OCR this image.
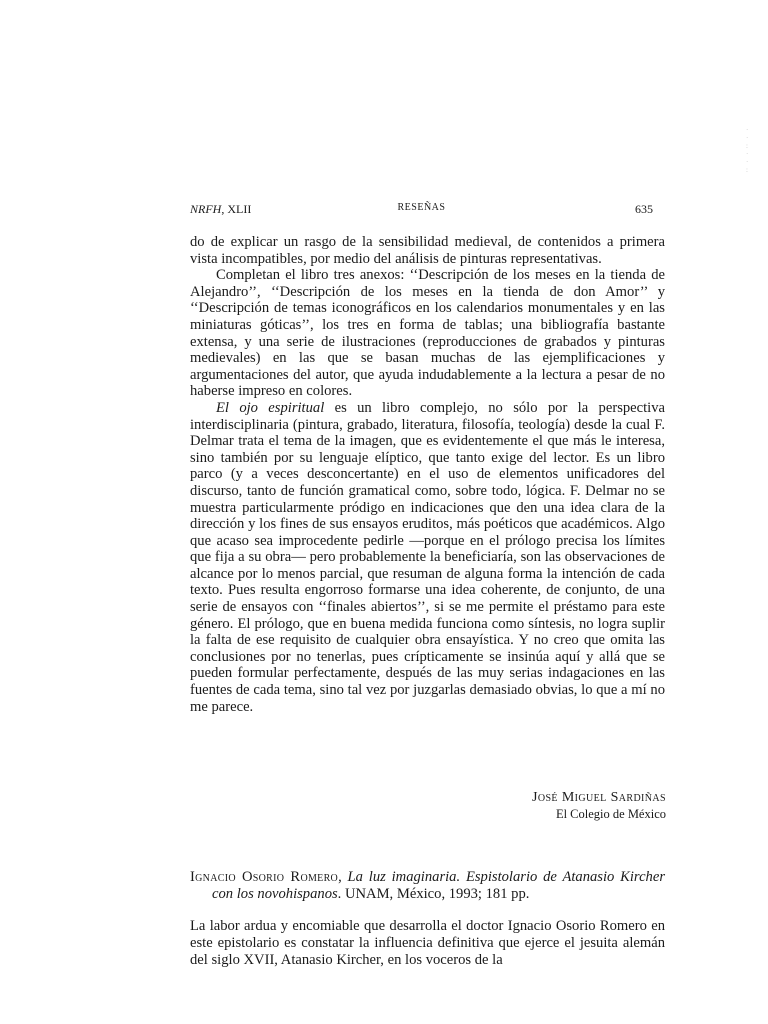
·
·
:
·
·
:
NRFH, XLII	RESEÑAS	635

do de explicar un rasgo de la sensibilidad medieval, de contenidos a primera vista incompatibles, por medio del análisis de pinturas representativas.

Completan el libro tres anexos: ‘‘Descripción de los meses en la tienda de Alejandro’’, ‘‘Descripción de los meses en la tienda de don Amor’’ y ‘‘Descripción de temas iconográficos en los calendarios monumentales y en las miniaturas góticas’’, los tres en forma de tablas; una bibliografía bastante extensa, y una serie de ilustraciones (reproducciones de grabados y pinturas medievales) en las que se basan muchas de las ejemplificaciones y argumentaciones del autor, que ayuda indudablemente a la lectura a pesar de no haberse impreso en colores.

El ojo espiritual es un libro complejo, no sólo por la perspectiva interdisciplinaria (pintura, grabado, literatura, filosofía, teología) desde la cual F. Delmar trata el tema de la imagen, que es evidentemente el que más le interesa, sino también por su lenguaje elíptico, que tanto exige del lector. Es un libro parco (y a veces desconcertante) en el uso de elementos unificadores del discurso, tanto de función gramatical como, sobre todo, lógica. F. Delmar no se muestra particularmente pródigo en indicaciones que den una idea clara de la dirección y los fines de sus ensayos eruditos, más poéticos que académicos. Algo que acaso sea improcedente pedirle —porque en el prólogo precisa los límites que fija a su obra— pero probablemente la beneficiaría, son las observaciones de alcance por lo menos parcial, que resuman de alguna forma la intención de cada texto. Pues resulta engorroso formarse una idea coherente, de conjunto, de una serie de ensayos con ‘‘finales abiertos’’, si se me permite el préstamo para este género. El prólogo, que en buena medida funciona como síntesis, no logra suplir la falta de ese requisito de cualquier obra ensayística. Y no creo que omita las conclusiones por no tenerlas, pues crípticamente se insinúa aquí y allá que se pueden formular perfectamente, después de las muy serias indagaciones en las fuentes de cada tema, sino tal vez por juzgarlas demasiado obvias, lo que a mí no me parece.

José Miguel Sardiñas
El Colegio de México

Ignacio Osorio Romero, La luz imaginaria. Espistolario de Atanasio Kircher con los novohispanos. UNAM, México, 1993; 181 pp.

La labor ardua y encomiable que desarrolla el doctor Ignacio Osorio Romero en este epistolario es constatar la influencia definitiva que ejerce el jesuita alemán del siglo XVII, Atanasio Kircher, en los voceros de la
